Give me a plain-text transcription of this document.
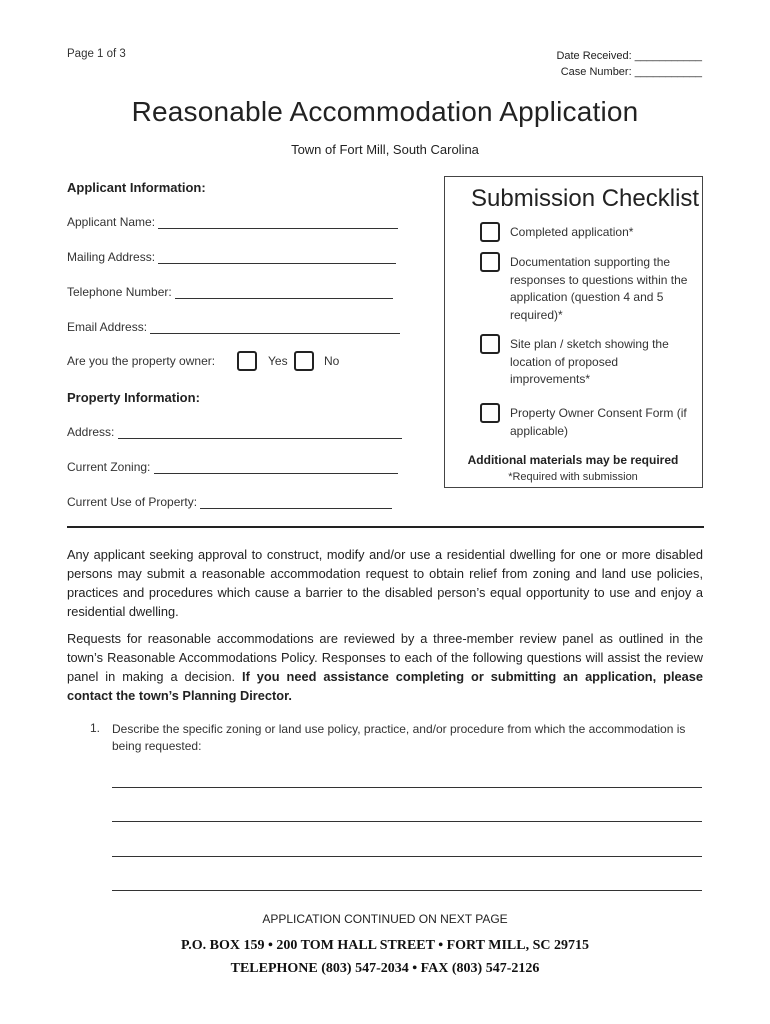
Page 1 of 3	Date Received: ___________
Case Number: ___________
Reasonable Accommodation Application
Town of Fort Mill, South Carolina
Applicant Information:
Applicant Name:
Mailing Address:
Telephone Number:
Email Address:
Are you the property owner:	Yes	No
Property Information:
Address:
Current Zoning:
Current Use of Property:
Submission Checklist
Completed application*
Documentation supporting the responses to questions within the application (question 4 and 5 required)*
Site plan / sketch showing the location of proposed improvements*
Property Owner Consent Form (if applicable)
Additional materials may be required
*Required with submission
Any applicant seeking approval to construct, modify and/or use a residential dwelling for one or more disabled persons may submit a reasonable accommodation request to obtain relief from zoning and land use policies, practices and procedures which cause a barrier to the disabled person’s equal opportunity to use and enjoy a residential dwelling.
Requests for reasonable accommodations are reviewed by a three-member review panel as outlined in the town’s Reasonable Accommodations Policy. Responses to each of the following questions will assist the review panel in making a decision. If you need assistance completing or submitting an application, please contact the town’s Planning Director.
1. Describe the specific zoning or land use policy, practice, and/or procedure from which the accommodation is being requested:
APPLICATION CONTINUED ON NEXT PAGE
P.O. BOX 159 • 200 TOM HALL STREET • FORT MILL, SC 29715
TELEPHONE (803) 547-2034 • FAX (803) 547-2126
